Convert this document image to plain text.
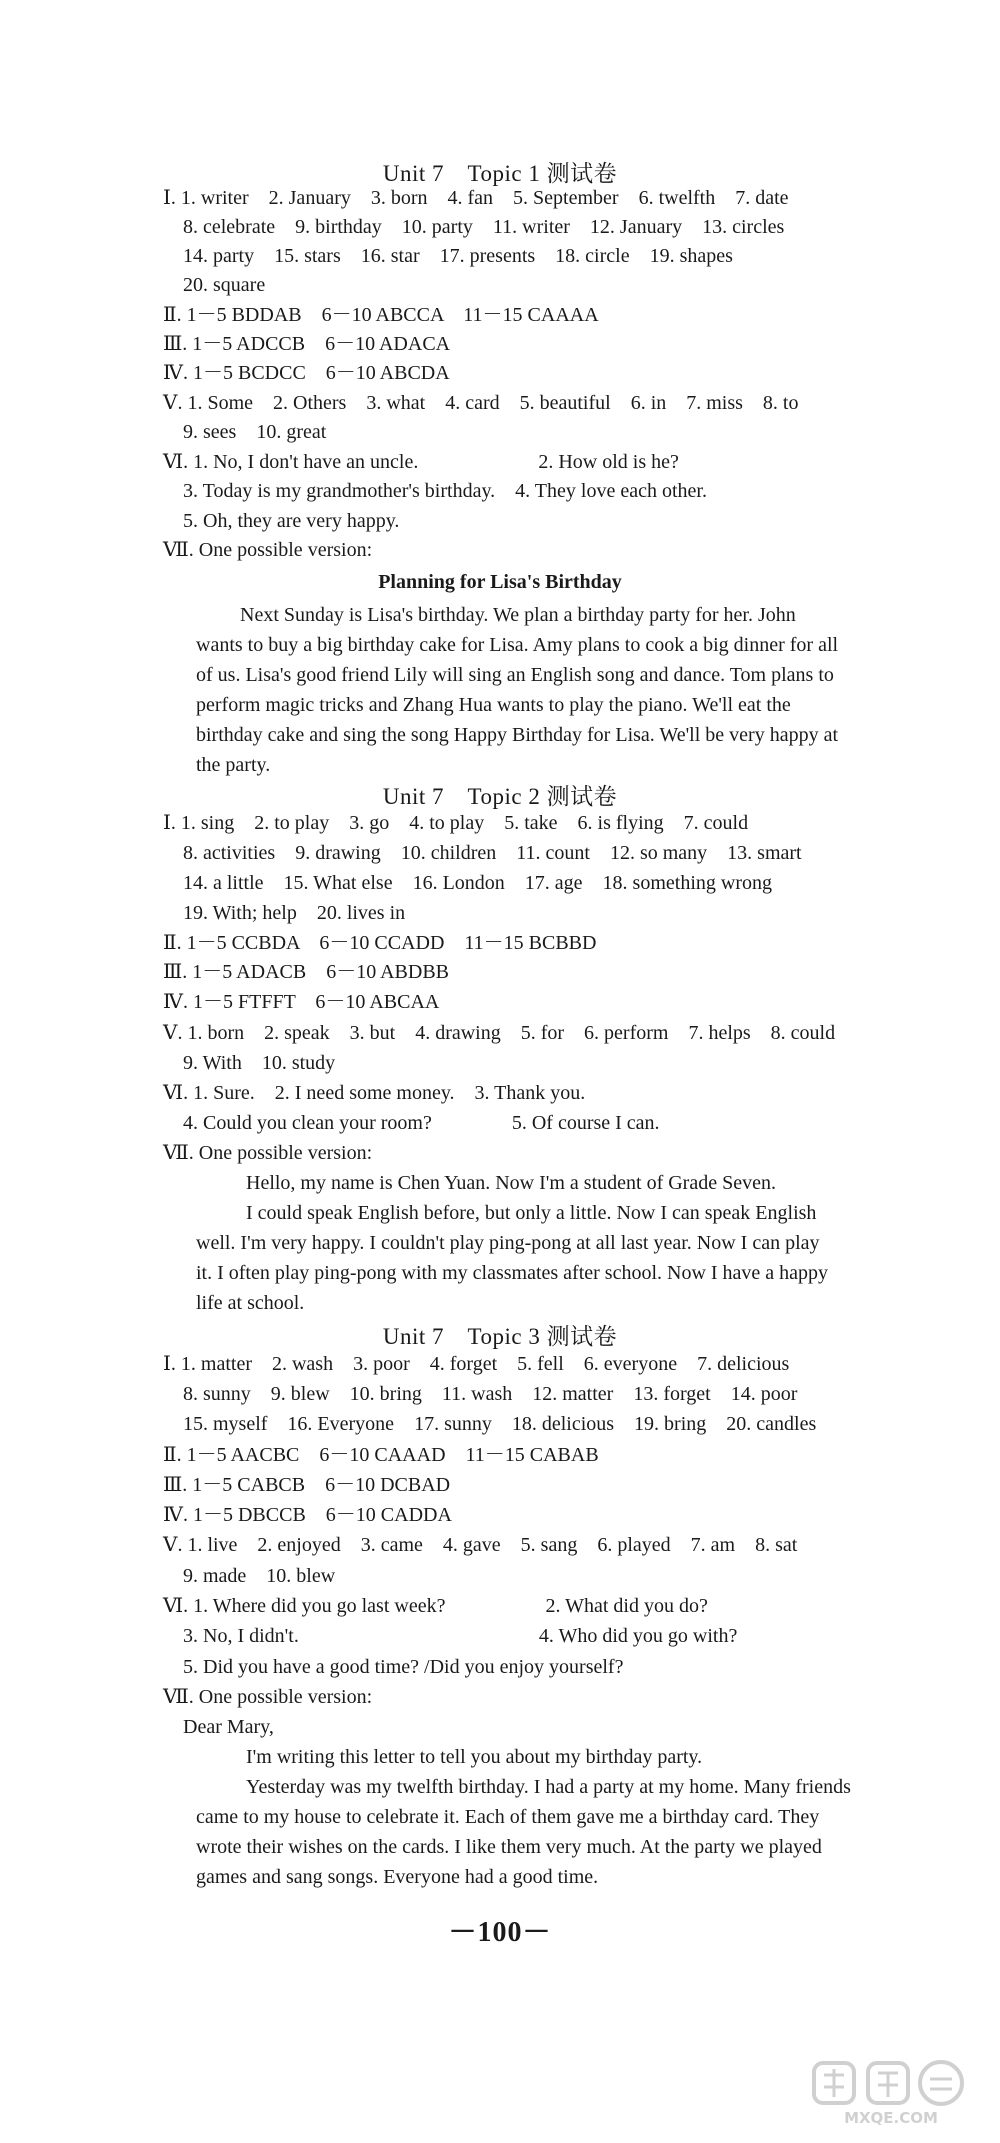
Unit 7　Topic 1 测试卷
Ⅰ. 1. writer　2. January　3. born　4. fan　5. September　6. twelfth　7. date
　8. celebrate　9. birthday　10. party　11. writer　12. January　13. circles
　14. party　15. stars　16. star　17. presents　18. circle　19. shapes
　20. square
Ⅱ. 1－5 BDDAB　6－10 ABCCA　11－15 CAAAA
Ⅲ. 1－5 ADCCB　6－10 ADACA
Ⅳ. 1－5 BCDCC　6－10 ABCDA
Ⅴ. 1. Some　2. Others　3. what　4. card　5. beautiful　6. in　7. miss　8. to
　9. sees　10. great
Ⅵ. 1. No, I don't have an uncle.　　　　　　2. How old is he?
　3. Today is my grandmother's birthday.　4. They love each other.
　5. Oh, they are very happy.
Ⅶ. One possible version:
Planning for Lisa's Birthday
Next Sunday is Lisa's birthday. We plan a birthday party for her. John
wants to buy a big birthday cake for Lisa. Amy plans to cook a big dinner for all
of us. Lisa's good friend Lily will sing an English song and dance. Tom plans to
perform magic tricks and Zhang Hua wants to play the piano. We'll eat the
birthday cake and sing the song Happy Birthday for Lisa. We'll be very happy at
the party.
Unit 7　Topic 2 测试卷
Ⅰ. 1. sing　2. to play　3. go　4. to play　5. take　6. is flying　7. could
　8. activities　9. drawing　10. children　11. count　12. so many　13. smart
　14. a little　15. What else　16. London　17. age　18. something wrong
　19. With; help　20. lives in
Ⅱ. 1－5 CCBDA　6－10 CCADD　11－15 BCBBD
Ⅲ. 1－5 ADACB　6－10 ABDBB
Ⅳ. 1－5 FTFFT　6－10 ABCAA
Ⅴ. 1. born　2. speak　3. but　4. drawing　5. for　6. perform　7. helps　8. could
　9. With　10. study
Ⅵ. 1. Sure.　2. I need some money.　3. Thank you.
　4. Could you clean your room?　　　　5. Of course I can.
Ⅶ. One possible version:
Hello, my name is Chen Yuan. Now I'm a student of Grade Seven.
I could speak English before, but only a little. Now I can speak English
well. I'm very happy. I couldn't play ping-pong at all last year. Now I can play
it. I often play ping-pong with my classmates after school. Now I have a happy
life at school.
Unit 7　Topic 3 测试卷
Ⅰ. 1. matter　2. wash　3. poor　4. forget　5. fell　6. everyone　7. delicious
　8. sunny　9. blew　10. bring　11. wash　12. matter　13. forget　14. poor
　15. myself　16. Everyone　17. sunny　18. delicious　19. bring　20. candles
Ⅱ. 1－5 AACBC　6－10 CAAAD　11－15 CABAB
Ⅲ. 1－5 CABCB　6－10 DCBAD
Ⅳ. 1－5 DBCCB　6－10 CADDA
Ⅴ. 1. live　2. enjoyed　3. came　4. gave　5. sang　6. played　7. am　8. sat
　9. made　10. blew
Ⅵ. 1. Where did you go last week?　　　　　2. What did you do?
　3. No, I didn't.　　　　　　　　　　　　4. Who did you go with?
　5. Did you have a good time? /Did you enjoy yourself?
Ⅶ. One possible version:
　Dear Mary,
I'm writing this letter to tell you about my birthday party.
Yesterday was my twelfth birthday. I had a party at my home. Many friends
came to my house to celebrate it. Each of them gave me a birthday card. They
wrote their wishes on the cards. I like them very much. At the party we played
games and sang songs. Everyone had a good time.
－100－
MXQE.COM
